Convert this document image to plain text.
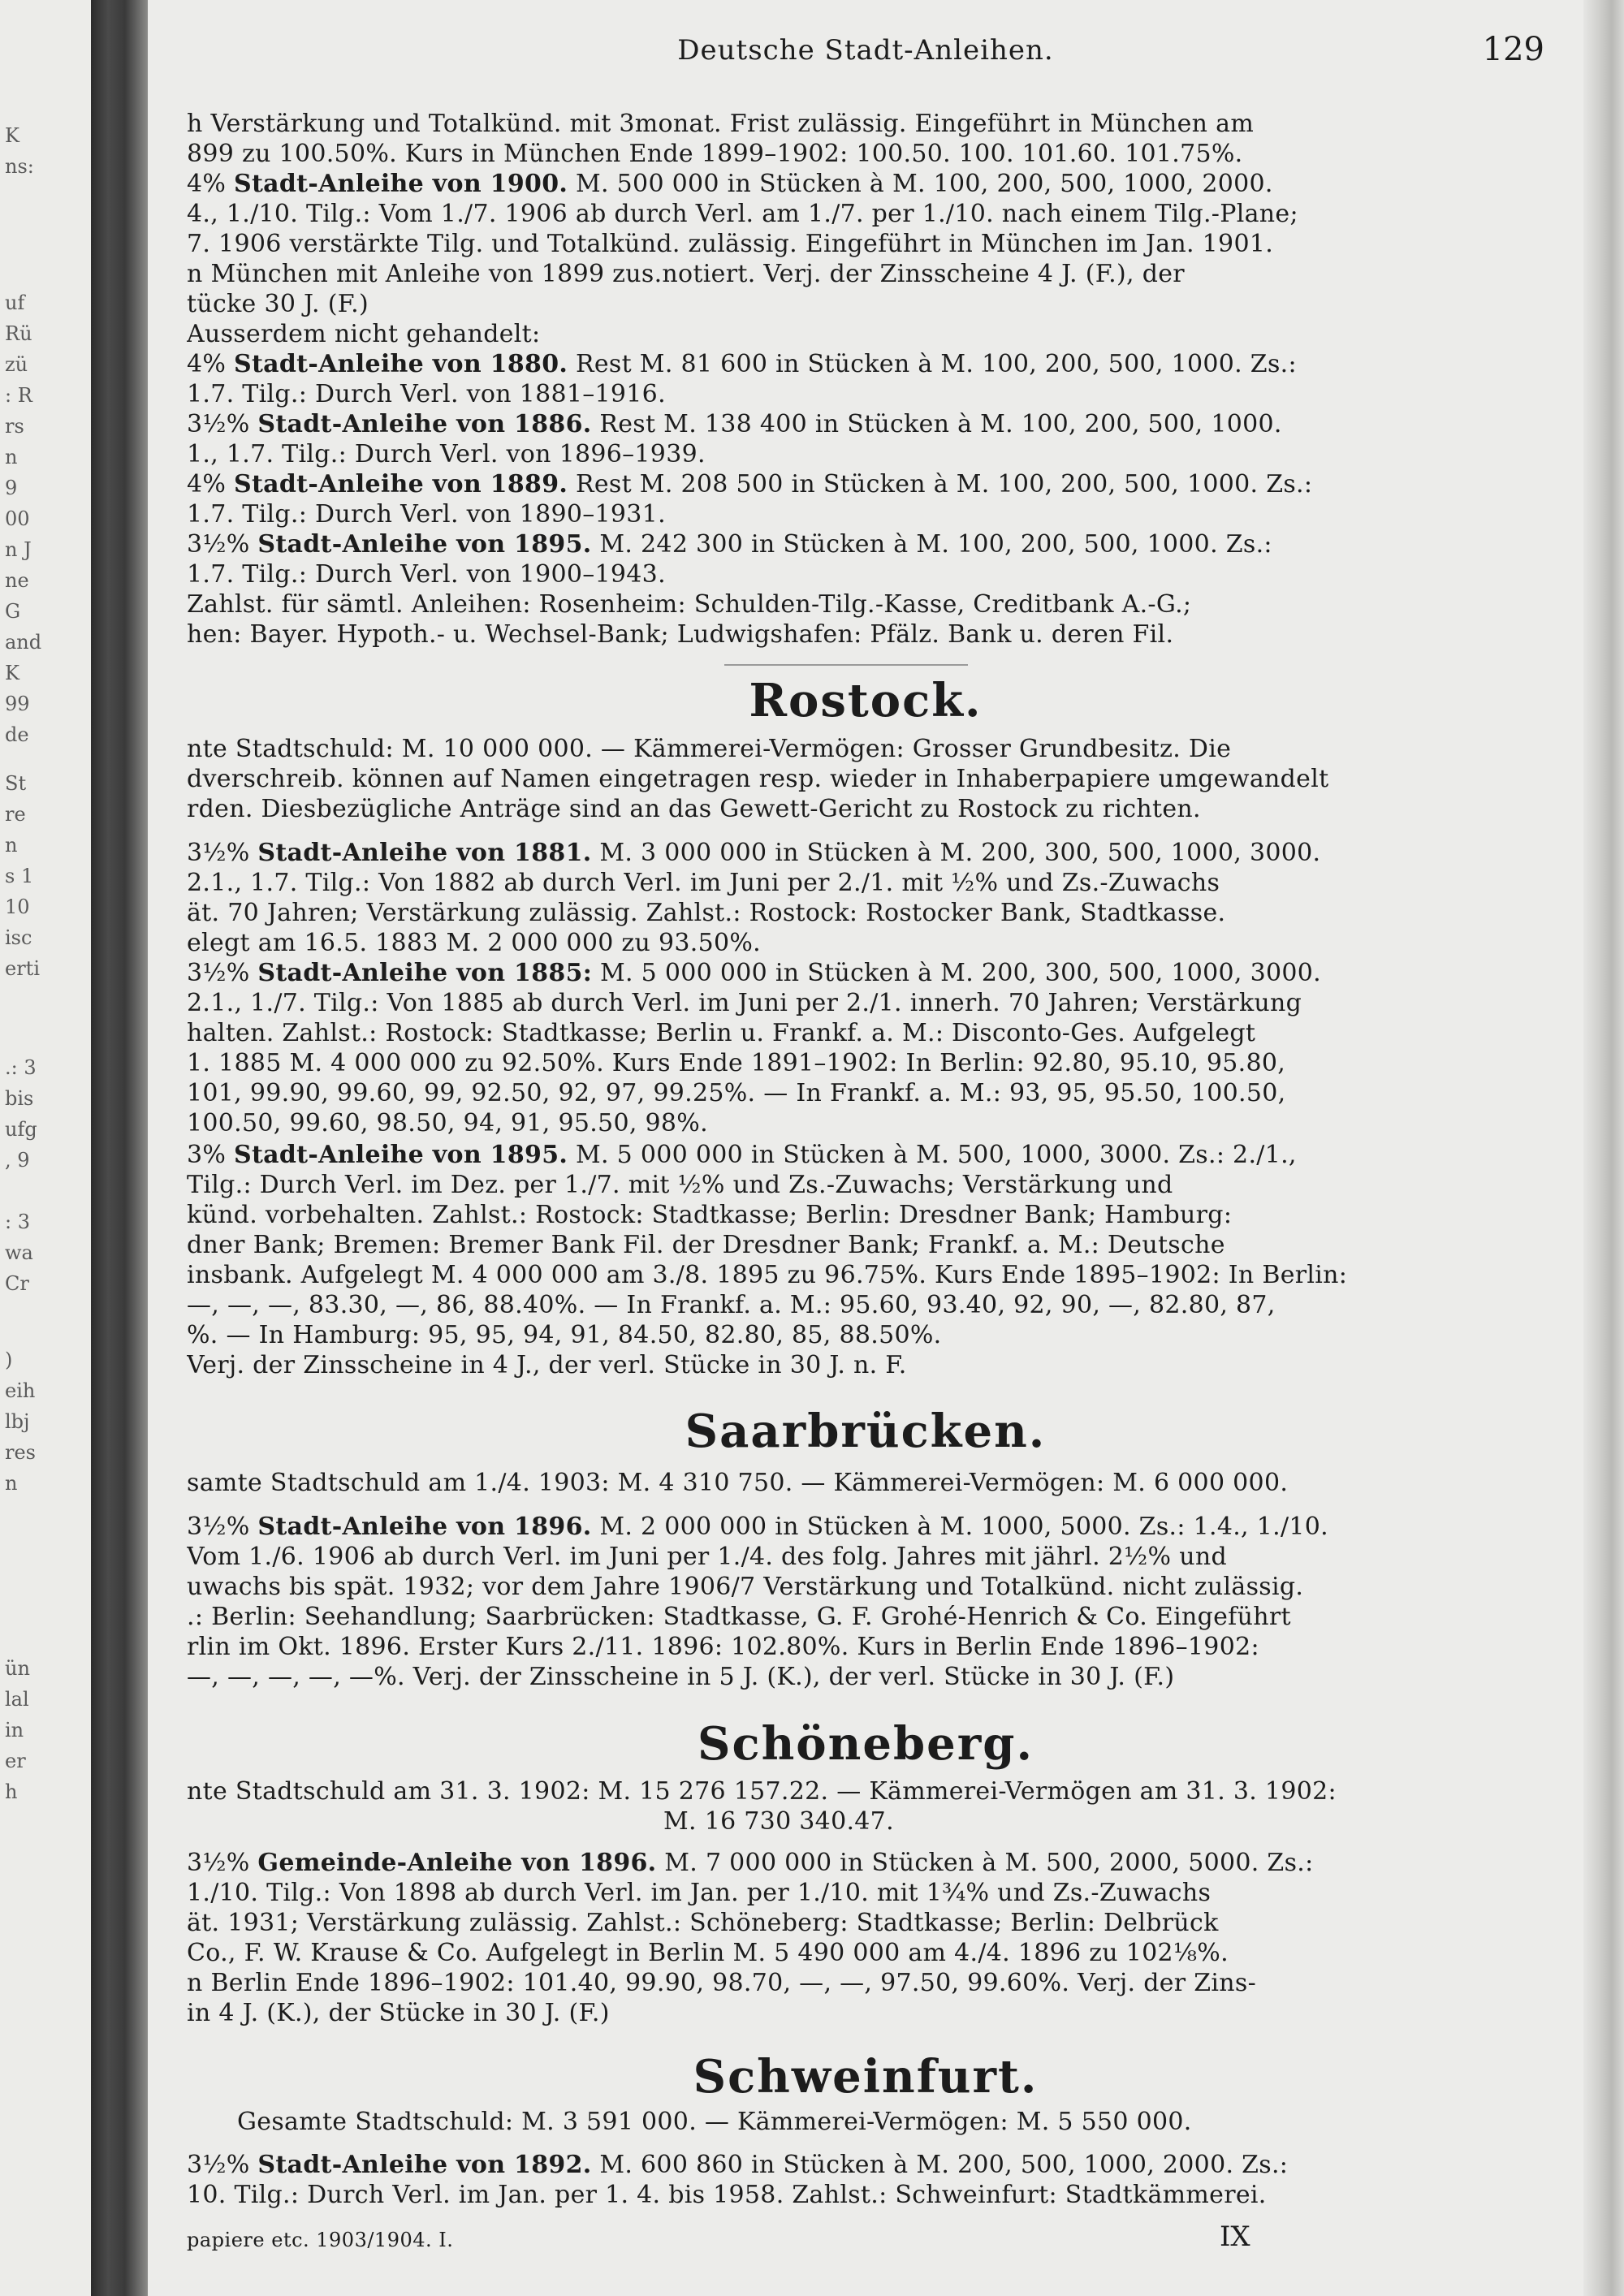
K
ns:
uf
Rü
zü
: R
rs
n
9
00
n J
ne
G
and
K
99
de
St
re
n
s 1
10
isc
erti
.: 3
bis
ufg
, 9
: 3
wa
Cr
)
eih
lbj
res
n
ün
lal
in
er
h
Deutsche Stadt-Anleihen.	129
h Verstärkung und Totalkünd. mit 3monat. Frist zulässig. Eingeführt in München am
899 zu 100.50%. Kurs in München Ende 1899–1902: 100.50. 100. 101.60. 101.75%.
4% Stadt-Anleihe von 1900. M. 500 000 in Stücken à M. 100, 200, 500, 1000, 2000.
4., 1./10. Tilg.: Vom 1./7. 1906 ab durch Verl. am 1./7. per 1./10. nach einem Tilg.-Plane;
7. 1906 verstärkte Tilg. und Totalkünd. zulässig. Eingeführt in München im Jan. 1901.
n München mit Anleihe von 1899 zus.notiert. Verj. der Zinsscheine 4 J. (F.), der
tücke 30 J. (F.)
Ausserdem nicht gehandelt:
4% Stadt-Anleihe von 1880. Rest M. 81 600 in Stücken à M. 100, 200, 500, 1000. Zs.:
1.7. Tilg.: Durch Verl. von 1881–1916.
3½% Stadt-Anleihe von 1886. Rest M. 138 400 in Stücken à M. 100, 200, 500, 1000.
1., 1.7. Tilg.: Durch Verl. von 1896–1939.
4% Stadt-Anleihe von 1889. Rest M. 208 500 in Stücken à M. 100, 200, 500, 1000. Zs.:
1.7. Tilg.: Durch Verl. von 1890–1931.
3½% Stadt-Anleihe von 1895. M. 242 300 in Stücken à M. 100, 200, 500, 1000. Zs.:
1.7. Tilg.: Durch Verl. von 1900–1943.
Zahlst. für sämtl. Anleihen: Rosenheim: Schulden-Tilg.-Kasse, Creditbank A.-G.;
hen: Bayer. Hypoth.- u. Wechsel-Bank; Ludwigshafen: Pfälz. Bank u. deren Fil.
Rostock.
nte Stadtschuld: M. 10 000 000. — Kämmerei-Vermögen: Grosser Grundbesitz. Die
dverschreib. können auf Namen eingetragen resp. wieder in Inhaberpapiere umgewandelt
rden. Diesbezügliche Anträge sind an das Gewett-Gericht zu Rostock zu richten.
3½% Stadt-Anleihe von 1881. M. 3 000 000 in Stücken à M. 200, 300, 500, 1000, 3000.
2.1., 1.7. Tilg.: Von 1882 ab durch Verl. im Juni per 2./1. mit ½% und Zs.-Zuwachs
ät. 70 Jahren; Verstärkung zulässig. Zahlst.: Rostock: Rostocker Bank, Stadtkasse.
elegt am 16.5. 1883 M. 2 000 000 zu 93.50%.
3½% Stadt-Anleihe von 1885: M. 5 000 000 in Stücken à M. 200, 300, 500, 1000, 3000.
2.1., 1./7. Tilg.: Von 1885 ab durch Verl. im Juni per 2./1. innerh. 70 Jahren; Verstärkung
halten. Zahlst.: Rostock: Stadtkasse; Berlin u. Frankf. a. M.: Disconto-Ges. Aufgelegt
1. 1885 M. 4 000 000 zu 92.50%. Kurs Ende 1891–1902: In Berlin: 92.80, 95.10, 95.80,
101, 99.90, 99.60, 99, 92.50, 92, 97, 99.25%. — In Frankf. a. M.: 93, 95, 95.50, 100.50,
100.50, 99.60, 98.50, 94, 91, 95.50, 98%.
3% Stadt-Anleihe von 1895. M. 5 000 000 in Stücken à M. 500, 1000, 3000. Zs.: 2./1.,
Tilg.: Durch Verl. im Dez. per 1./7. mit ½% und Zs.-Zuwachs; Verstärkung und
künd. vorbehalten. Zahlst.: Rostock: Stadtkasse; Berlin: Dresdner Bank; Hamburg:
dner Bank; Bremen: Bremer Bank Fil. der Dresdner Bank; Frankf. a. M.: Deutsche
insbank. Aufgelegt M. 4 000 000 am 3./8. 1895 zu 96.75%. Kurs Ende 1895–1902: In Berlin:
—, —, —, 83.30, —, 86, 88.40%. — In Frankf. a. M.: 95.60, 93.40, 92, 90, —, 82.80, 87,
%. — In Hamburg: 95, 95, 94, 91, 84.50, 82.80, 85, 88.50%.
Verj. der Zinsscheine in 4 J., der verl. Stücke in 30 J. n. F.
Saarbrücken.
samte Stadtschuld am 1./4. 1903: M. 4 310 750. — Kämmerei-Vermögen: M. 6 000 000.
3½% Stadt-Anleihe von 1896. M. 2 000 000 in Stücken à M. 1000, 5000. Zs.: 1.4., 1./10.
Vom 1./6. 1906 ab durch Verl. im Juni per 1./4. des folg. Jahres mit jährl. 2½% und
uwachs bis spät. 1932; vor dem Jahre 1906/7 Verstärkung und Totalkünd. nicht zulässig.
.: Berlin: Seehandlung; Saarbrücken: Stadtkasse, G. F. Grohé-Henrich & Co. Eingeführt
rlin im Okt. 1896. Erster Kurs 2./11. 1896: 102.80%. Kurs in Berlin Ende 1896–1902:
—, —, —, —, —%. Verj. der Zinsscheine in 5 J. (K.), der verl. Stücke in 30 J. (F.)
Schöneberg.
nte Stadtschuld am 31. 3. 1902: M. 15 276 157.22. — Kämmerei-Vermögen am 31. 3. 1902:
M. 16 730 340.47.
3½% Gemeinde-Anleihe von 1896. M. 7 000 000 in Stücken à M. 500, 2000, 5000. Zs.:
1./10. Tilg.: Von 1898 ab durch Verl. im Jan. per 1./10. mit 1¾% und Zs.-Zuwachs
ät. 1931; Verstärkung zulässig. Zahlst.: Schöneberg: Stadtkasse; Berlin: Delbrück
Co., F. W. Krause & Co. Aufgelegt in Berlin M. 5 490 000 am 4./4. 1896 zu 102⅛%.
n Berlin Ende 1896–1902: 101.40, 99.90, 98.70, —, —, 97.50, 99.60%. Verj. der Zins-
in 4 J. (K.), der Stücke in 30 J. (F.)
Schweinfurt.
Gesamte Stadtschuld: M. 3 591 000. — Kämmerei-Vermögen: M. 5 550 000.
3½% Stadt-Anleihe von 1892. M. 600 860 in Stücken à M. 200, 500, 1000, 2000. Zs.:
10. Tilg.: Durch Verl. im Jan. per 1. 4. bis 1958. Zahlst.: Schweinfurt: Stadtkämmerei.
papiere etc. 1903/1904. I.	IX
